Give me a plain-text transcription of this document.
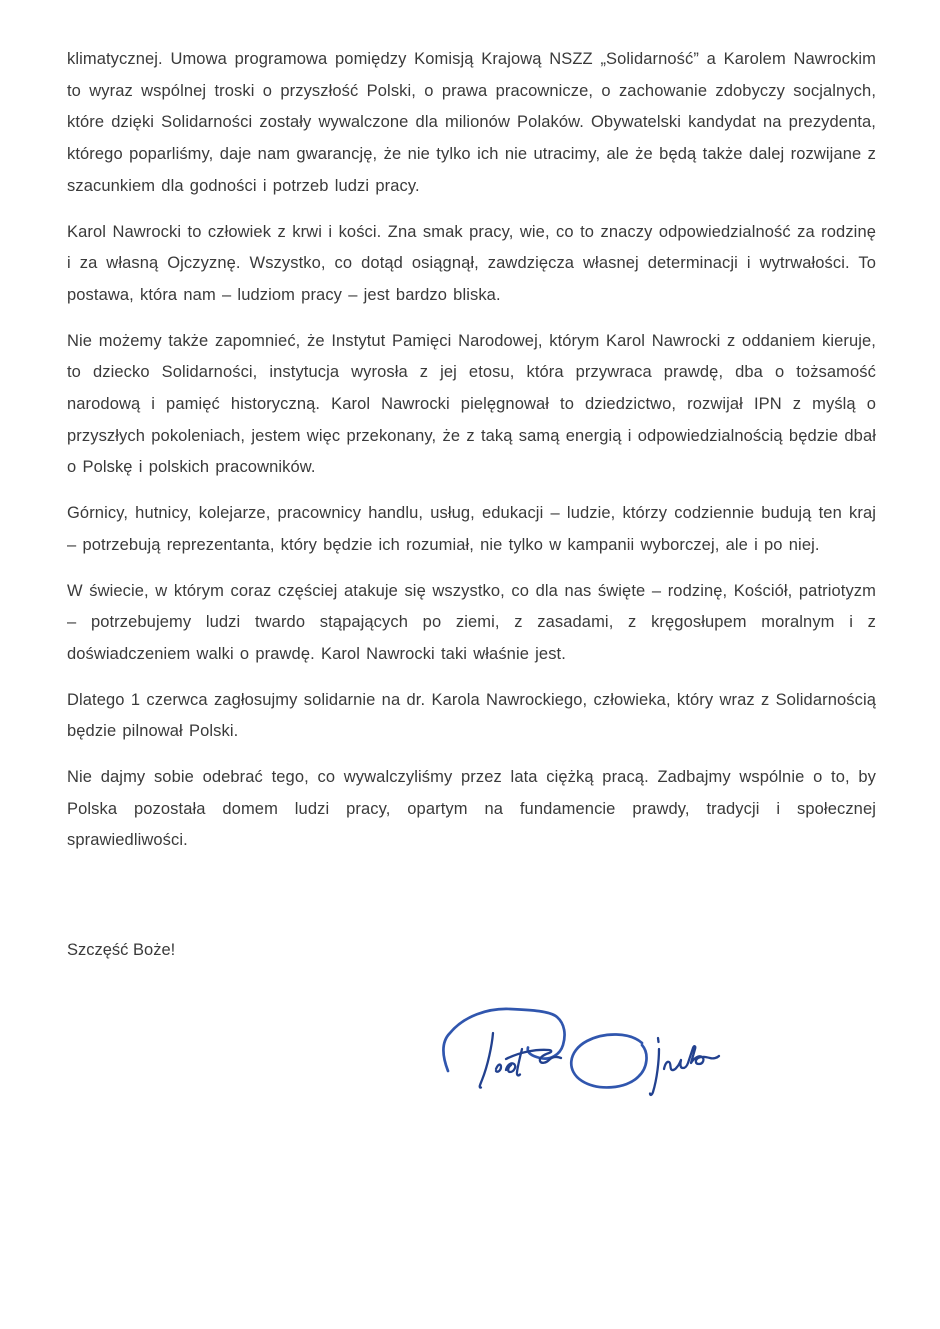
klimatycznej. Umowa programowa pomiędzy Komisją Krajową NSZZ „Solidarność” a Karolem Nawrockim to wyraz wspólnej troski o przyszłość Polski, o prawa pracownicze, o zachowanie zdobyczy socjalnych, które dzięki Solidarności zostały wywalczone dla milionów Polaków. Obywatelski kandydat na prezydenta, którego poparliśmy, daje nam gwarancję, że nie tylko ich nie utracimy, ale że będą także dalej rozwijane z szacunkiem dla godności i potrzeb ludzi pracy.

Karol Nawrocki to człowiek z krwi i kości. Zna smak pracy, wie, co to znaczy odpowiedzialność za rodzinę i za własną Ojczyznę. Wszystko, co dotąd osiągnął, zawdzięcza własnej determinacji i wytrwałości. To postawa, która nam – ludziom pracy – jest bardzo bliska.

Nie możemy także zapomnieć, że Instytut Pamięci Narodowej, którym Karol Nawrocki z oddaniem kieruje, to dziecko Solidarności, instytucja wyrosła z jej etosu, która przywraca prawdę, dba o tożsamość narodową i pamięć historyczną. Karol Nawrocki pielęgnował to dziedzictwo, rozwijał IPN z myślą o przyszłych pokoleniach, jestem więc przekonany, że z taką samą energią i odpowiedzialnością będzie dbał o Polskę i polskich pracowników.

Górnicy, hutnicy, kolejarze, pracownicy handlu, usług, edukacji – ludzie, którzy codziennie budują ten kraj – potrzebują reprezentanta, który będzie ich rozumiał, nie tylko w kampanii wyborczej, ale i po niej.

W świecie, w którym coraz częściej atakuje się wszystko, co dla nas święte – rodzinę, Kościół, patriotyzm – potrzebujemy ludzi twardo stąpających po ziemi, z zasadami, z kręgosłupem moralnym i z doświadczeniem walki o prawdę. Karol Nawrocki taki właśnie jest.

Dlatego 1 czerwca zagłosujmy solidarnie na dr. Karola Nawrockiego, człowieka, który wraz z Solidarnością będzie pilnował Polski.

Nie dajmy sobie odebrać tego, co wywalczyliśmy przez lata ciężką pracą. Zadbajmy wspólnie o to, by Polska pozostała domem ludzi pracy, opartym na fundamencie prawdy, tradycji i społecznej sprawiedliwości.

Szczęść Boże!
